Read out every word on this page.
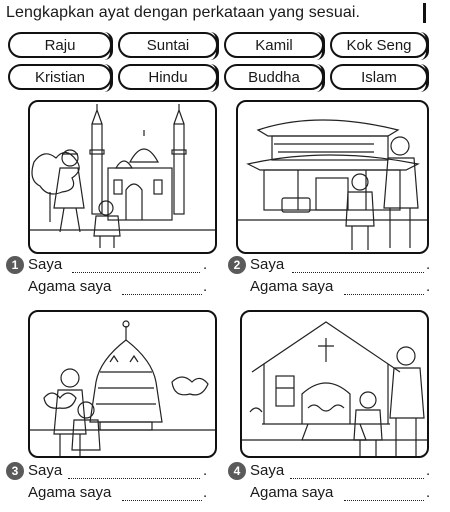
Lengkapkan ayat dengan perkataan yang sesuai.
Raju	Suntai	Kamil	Kok Seng
Kristian	Hindu	Buddha	Islam
1 Saya	.
Agama saya	.
2 Saya	.
Agama saya	.
3 Saya	.
Agama saya	.
4 Saya	.
Agama saya	.
